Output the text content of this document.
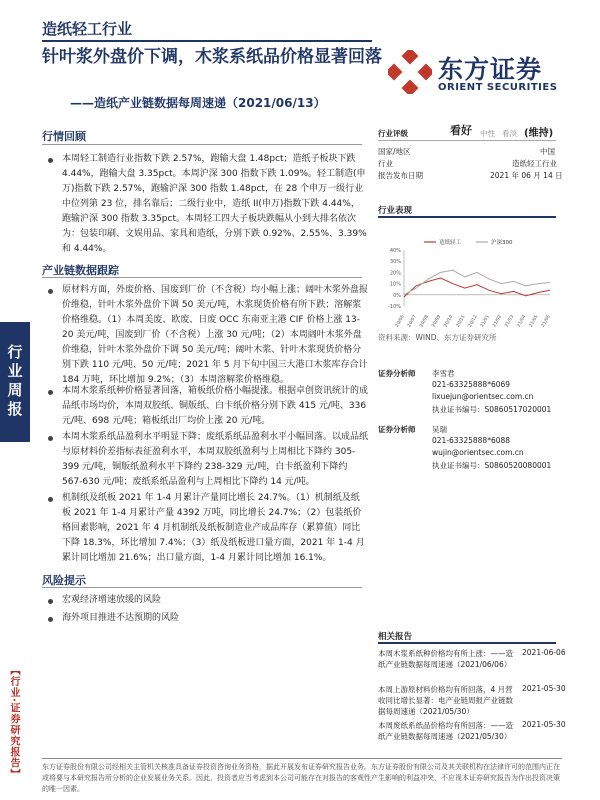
造纸轻工行业
针叶浆外盘价下调，木浆系纸品价格显著回落
——造纸产业链数据每周速递（2021/06/13）
东方证券
ORIENT SECURITIES
行业周报
【行业·证券研究报告】
行情回顾
本周轻工制造行业指数下跌 2.57%，跑输大盘 1.48pct；造纸子板块下跌 4.44%，跑输大盘 3.35pct。本周沪深 300 指数下跌 1.09%。轻工制造(申万)指数下跌 2.57%，跑输沪深 300 指数 1.48pct，在 28 个申万一级行业中位列第 23 位，排名靠后；二级行业中，造纸 II(申万)指数下跌 4.44%，跑输沪深 300 指数 3.35pct。本周轻工四大子板块跌幅从小到大排名依次为：包装印刷、文娱用品、家具和造纸，分别下跌 0.92%、2.55%、3.39%和 4.44%。
产业链数据跟踪
原材料方面，外废价格、国废到厂价（不含税）均小幅上涨；阔叶木浆外盘报价维稳，针叶木浆外盘价下调 50 美元/吨，木浆现货价格有所下跌；溶解浆价格维稳。（1）本周美废、欧废、日废 OCC 东南亚主港 CIF 价格上涨 13-20 美元/吨，国废到厂价（不含税）上涨 30 元/吨；（2）本周阔叶木浆外盘价维稳，针叶木浆外盘价下调 50 美元/吨；阔叶木浆、针叶木浆现货价格分别下跌 110 元/吨、50 元/吨；2021 年 5 月下旬中国三大港口木浆库存合计 184 万吨，环比增加 9.2%；（3）本周溶解浆价格维稳。
本周木浆系纸种价格显著回落，箱板纸价格小幅提涨。根据卓创资讯统计的成品纸市场均价，本周双胶纸、铜版纸、白卡纸价格分别下跌 415 元/吨、336 元/吨、698 元/吨；箱板纸出厂均价上涨 20 元/吨。
本周木浆系纸品盈利水平明显下降；废纸系纸品盈利水平小幅回落。以成品纸与原材料价差指标表征盈利水平，本周双胶纸盈利与上周相比下降约 305-399 元/吨，铜版纸盈利水平下降约 238-329 元/吨，白卡纸盈利下降约 567-630 元/吨；废纸系纸品盈利与上周相比下降约 14 元/吨。
机制纸及纸板 2021 年 1-4 月累计产量同比增长 24.7%。（1）机制纸及纸板 2021 年 1-4 月累计产量 4392 万吨，同比增长 24.7%；（2）包装纸价格回素影响，2021 年 4 月机制纸及纸板制造业产成品库存（累算值）同比下降 18.3%，环比增加 7.4%；（3）纸及纸板进口量方面，2021 年 1-4 月累计同比增加 21.6%；出口量方面，1-4 月累计同比增加 16.1%。
风险提示
宏观经济增速放缓的风险
海外项目推进不达预期的风险
行业评级	看好 中性 看淡 (维持)
国家/地区	中国
行业	造纸轻工行业
报告发布日期	2021 年 06 月 14 日
行业表现
40%
30%
20%
10%
0%
-10%
20/06 20/07 20/08 20/09 20/10 20/11 20/12 21/01 21/02 21/03 21/04 21/05 21/06
造纸轻工	沪深300
资料来源：WIND、东方证券研究所
证券分析师 李雪君
021-63325888*6069
lixuejun@orientsec.com.cn
执业证书编号：S0860517020001
证券分析师 吴瑞
021-63325888*6088
wujin@orientsec.com.cn
执业证书编号：S0860520080001
相关报告
本周木浆系纸种价格均有所上涨：——造纸产业链数据每周速递（2021/06/06）
2021-06-06
本周上游原材料价格均有所回落，4 月营收同比增长显著：电产业链周报产业链数据每周速递（2021/05/30）
2021-05-30
本周废纸系纸品价格均有所回落：——造纸产业链数据每周速递（2021/05/30）
2021-05-30
东方证券股份有限公司经相关主管机关核准具备证券投资咨询业务资格，据此开展发布证券研究报告业务。东方证券股份有限公司及其关联机构在法律许可的范围内正在或将要与本研究报告所分析的企业发展业务关系。因此，投资者应当考虑到本公司可能存在对报告的客观性产生影响的利益冲突，不应视本证券研究报告为作出投资决策的唯一因素。
